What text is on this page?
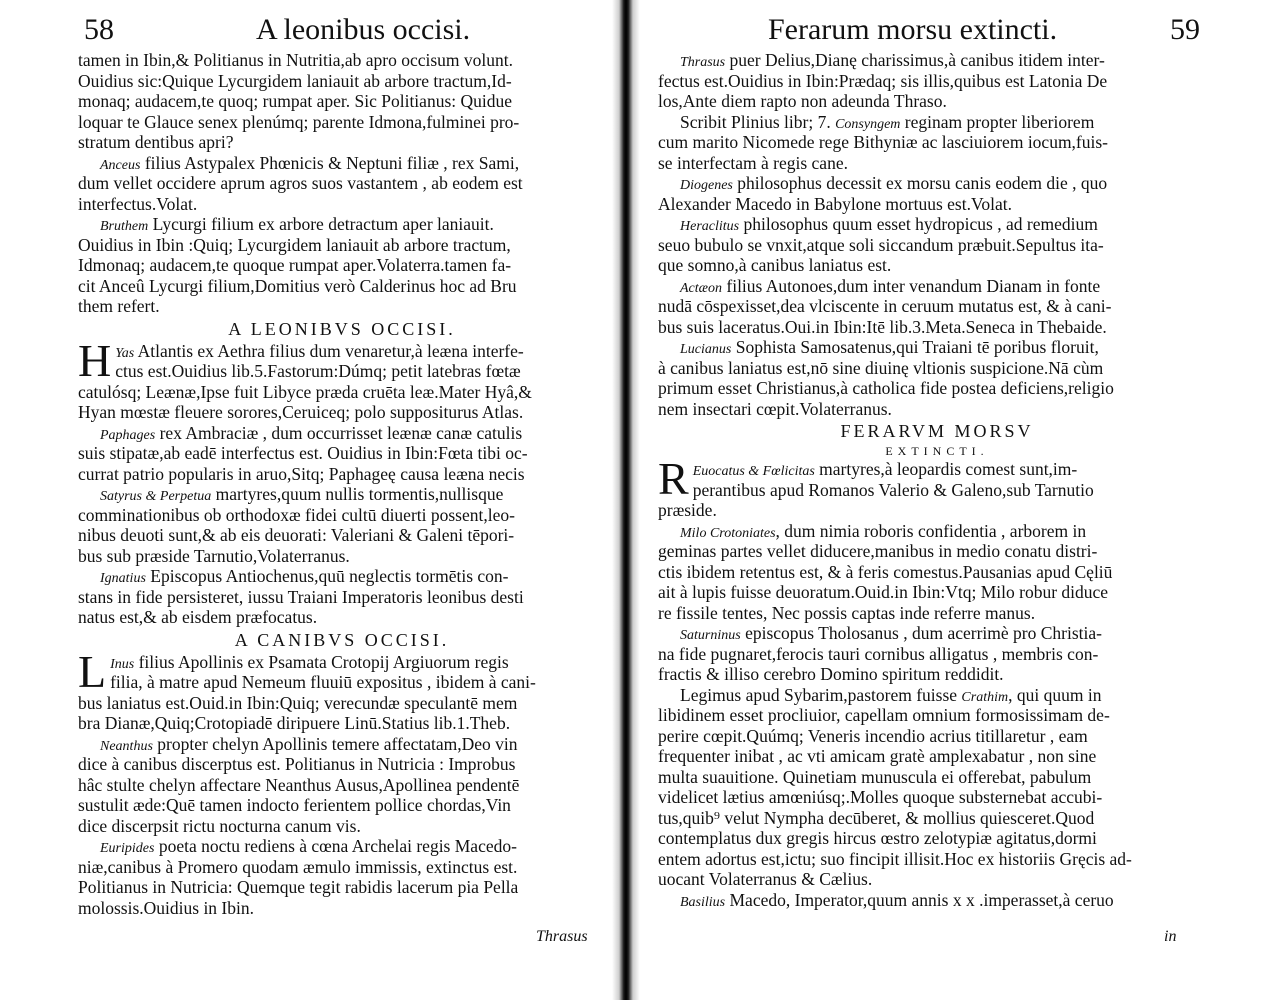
58	A leonibus occisi.
tamen in Ibin,& Politianus in Nutritia,ab apro occisum volunt.
Ouidius sic:Quique Lycurgidem laniauit ab arbore tractum,Id-
monaq; audacem,te quoq; rumpat aper. Sic Politianus: Quidue
loquar te Glauce senex plenúmq; parente Idmona,fulminei pro-
stratum dentibus apri?
Anceus filius Astypalex Phœnicis & Neptuni filiæ , rex Sami,
dum vellet occidere aprum agros suos vastantem , ab eodem est
interfectus.Volat.
Bruthem Lycurgi filium ex arbore detractum aper laniauit.
Ouidius in Ibin :Quiq; Lycurgidem laniauit ab arbore tractum,
Idmonaq; audacem,te quoque rumpat aper.Volaterra.tamen fa-
cit Anceû Lycurgi filium,Domitius verò Calderinus hoc ad Bru
them refert.
A LEONIBVS OCCISI.
H Yas Atlantis ex Aethra filius dum venaretur,à leæna interfe-
ctus est.Ouidius lib.5.Fastorum:Dúmq; petit latebras fœtæ
catulósq; Leænæ,Ipse fuit Libyce præda cruēta leæ.Mater Hyâ,&
Hyan mœstæ fleuere sorores,Ceruiceq; polo suppositurus Atlas.
Paphages rex Ambraciæ , dum occurrisset leænæ canæ catulis
suis stipatæ,ab eadē interfectus est. Ouidius in Ibin:Fœta tibi oc-
currat patrio popularis in aruo,Sitq; Paphageę causa leæna necis
Satyrus & Perpetua martyres,quum nullis tormentis,nullisque
comminationibus ob orthodoxæ fidei cultū diuerti possent,leo-
nibus deuoti sunt,& ab eis deuorati: Valeriani & Galeni tēpori-
bus sub præside Tarnutio,Volaterranus.
Ignatius Episcopus Antiochenus,quū neglectis tormētis con-
stans in fide persisteret, iussu Traiani Imperatoris leonibus desti
natus est,& ab eisdem præfocatus.
A CANIBVS OCCISI.
L Inus filius Apollinis ex Psamata Crotopij Argiuorum regis
filia, à matre apud Nemeum fluuiū expositus , ibidem à cani-
bus laniatus est.Ouid.in Ibin:Quiq; verecundæ speculantē mem
bra Dianæ,Quiq;Crotopiadē diripuere Linū.Statius lib.1.Theb.
Neanthus propter chelyn Apollinis temere affectatam,Deo vin
dice à canibus discerptus est. Politianus in Nutricia : Improbus
hâc stulte chelyn affectare Neanthus Ausus,Apollinea pendentē
sustulit æde:Quē tamen indocto ferientem pollice chordas,Vin
dice discerpsit rictu nocturna canum vis.
Euripides poeta noctu rediens à cœna Archelai regis Macedo-
niæ,canibus à Promero quodam æmulo immissis, extinctus est.
Politianus in Nutricia: Quemque tegit rabidis lacerum pia Pella
molossis.Ouidius in Ibin.
Thrasus
Ferarum morsu extincti.	59
Thrasus puer Delius,Dianę charissimus,à canibus itidem inter-
fectus est.Ouidius in Ibin:Prædaq; sis illis,quibus est Latonia De
los,Ante diem rapto non adeunda Thraso.
Scribit Plinius libr; 7. Consyngem reginam propter liberiorem
cum marito Nicomede rege Bithyniæ ac lasciuiorem iocum,fuis-
se interfectam à regis cane.
Diogenes philosophus decessit ex morsu canis eodem die , quo
Alexander Macedo in Babylone mortuus est.Volat.
Heraclitus philosophus quum esset hydropicus , ad remedium
seuo bubulo se vnxit,atque soli siccandum præbuit.Sepultus ita-
que somno,à canibus laniatus est.
Actæon filius Autonoes,dum inter venandum Dianam in fonte
nudā cōspexisset,dea vlciscente in ceruum mutatus est, & à cani-
bus suis laceratus.Oui.in Ibin:Itē lib.3.Meta.Seneca in Thebaide.
Lucianus Sophista Samosatenus,qui Traiani tē poribus floruit,
à canibus laniatus est,nō sine diuinę vltionis suspicione.Nā cùm
primum esset Christianus,à catholica fide postea deficiens,religio
nem insectari cœpit.Volaterranus.
FERARVM MORSV
EXTINCTI.
R Euocatus & Fœlicitas martyres,à leopardis comest sunt,im-
perantibus apud Romanos Valerio & Galeno,sub Tarnutio
præside.
Milo Crotoniates, dum nimia roboris confidentia , arborem in
geminas partes vellet diducere,manibus in medio conatu distri-
ctis ibidem retentus est, & à feris comestus.Pausanias apud Cęliū
ait à lupis fuisse deuoratum.Ouid.in Ibin:Vtq; Milo robur diduce
re fissile tentes, Nec possis captas inde referre manus.
Saturninus episcopus Tholosanus , dum acerrimè pro Christia-
na fide pugnaret,ferocis tauri cornibus alligatus , membris con-
fractis & illiso cerebro Domino spiritum reddidit.
Legimus apud Sybarim,pastorem fuisse Crathim, qui quum in
libidinem esset procliuior, capellam omnium formosissimam de-
perire cœpit.Quúmq; Veneris incendio acrius titillaretur , eam
frequenter inibat , ac vti amicam gratè amplexabatur , non sine
multa suauitione. Quinetiam munuscula ei offerebat, pabulum
videlicet lætius amœniúsq;.Molles quoque substernebat accubi-
tus,quib⁹ velut Nympha decūberet, & mollius quiesceret.Quod
contemplatus dux gregis hircus œstro zelotypiæ agitatus,dormi
entem adortus est,ictu; suo fincipit illisit.Hoc ex historiis Gręcis ad-
uocant Volaterranus & Cælius.
Basilius Macedo, Imperator,quum annis x x .imperasset,à ceruo
in
